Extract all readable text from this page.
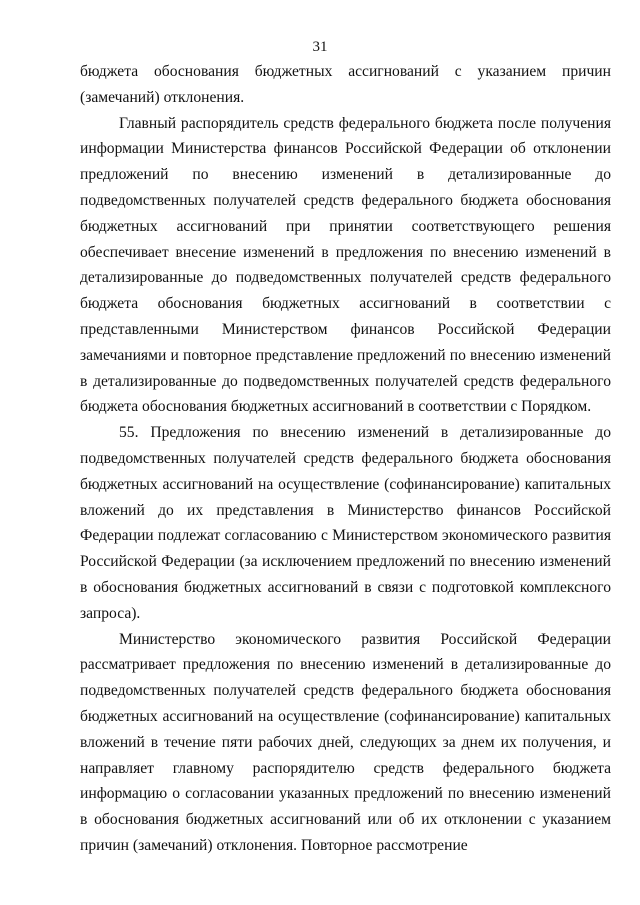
31

бюджета обоснования бюджетных ассигнований с указанием причин (замечаний) отклонения.

Главный распорядитель средств федерального бюджета после получения информации Министерства финансов Российской Федерации об отклонении предложений по внесению изменений в детализированные до подведомственных получателей средств федерального бюджета обоснования бюджетных ассигнований при принятии соответствующего решения обеспечивает внесение изменений в предложения по внесению изменений в детализированные до подведомственных получателей средств федерального бюджета обоснования бюджетных ассигнований в соответствии с представленными Министерством финансов Российской Федерации замечаниями и повторное представление предложений по внесению изменений в детализированные до подведомственных получателей средств федерального бюджета обоснования бюджетных ассигнований в соответствии с Порядком.

55. Предложения по внесению изменений в детализированные до подведомственных получателей средств федерального бюджета обоснования бюджетных ассигнований на осуществление (софинансирование) капитальных вложений до их представления в Министерство финансов Российской Федерации подлежат согласованию с Министерством экономического развития Российской Федерации (за исключением предложений по внесению изменений в обоснования бюджетных ассигнований в связи с подготовкой комплексного запроса).

Министерство экономического развития Российской Федерации рассматривает предложения по внесению изменений в детализированные до подведомственных получателей средств федерального бюджета обоснования бюджетных ассигнований на осуществление (софинансирование) капитальных вложений в течение пяти рабочих дней, следующих за днем их получения, и направляет главному распорядителю средств федерального бюджета информацию о согласовании указанных предложений по внесению изменений в обоснования бюджетных ассигнований или об их отклонении с указанием причин (замечаний) отклонения. Повторное рассмотрение
